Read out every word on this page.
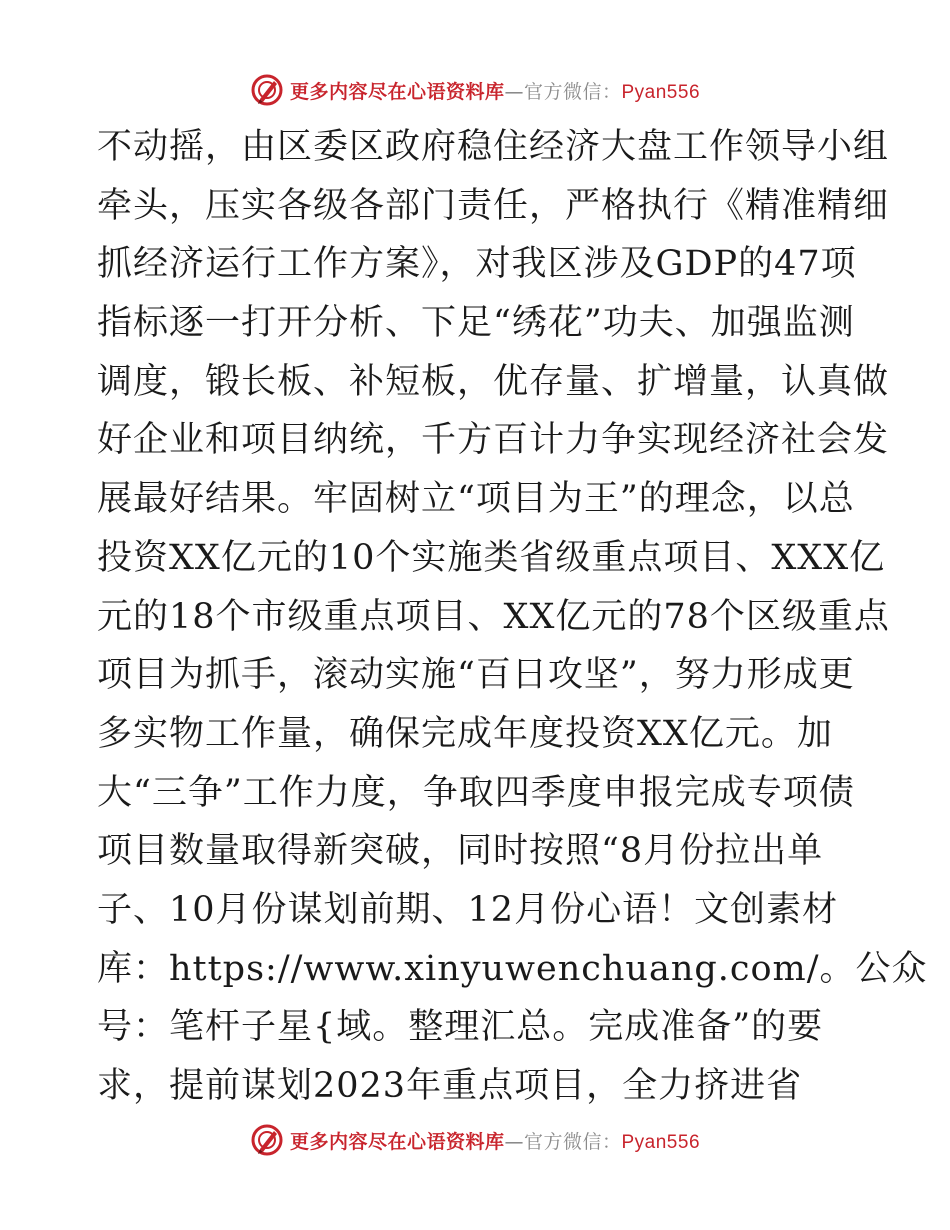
更多内容尽在心语资料库—官方微信：Pyan556
不动摇，由区委区政府稳住经济大盘工作领导小组
牵头，压实各级各部门责任，严格执行《精准精细
抓经济运行工作方案》，对我区涉及GDP的47项
指标逐一打开分析、下足“绣花”功夫、加强监测
调度，锻长板、补短板，优存量、扩增量，认真做
好企业和项目纳统，千方百计力争实现经济社会发
展最好结果。牢固树立“项目为王”的理念，以总
投资XX亿元的10个实施类省级重点项目、XXX亿
元的18个市级重点项目、XX亿元的78个区级重点
项目为抓手，滚动实施“百日攻坚”，努力形成更
多实物工作量，确保完成年度投资XX亿元。加
大“三争”工作力度，争取四季度申报完成专项债
项目数量取得新突破，同时按照“8月份拉出单
子、10月份谋划前期、12月份心语！文创素材
库：https://www.xinyuwenchuang.com/。公众
号：笔杆子星{域。整理汇总。完成准备”的要
求，提前谋划2023年重点项目，全力挤进省
更多内容尽在心语资料库—官方微信：Pyan556
